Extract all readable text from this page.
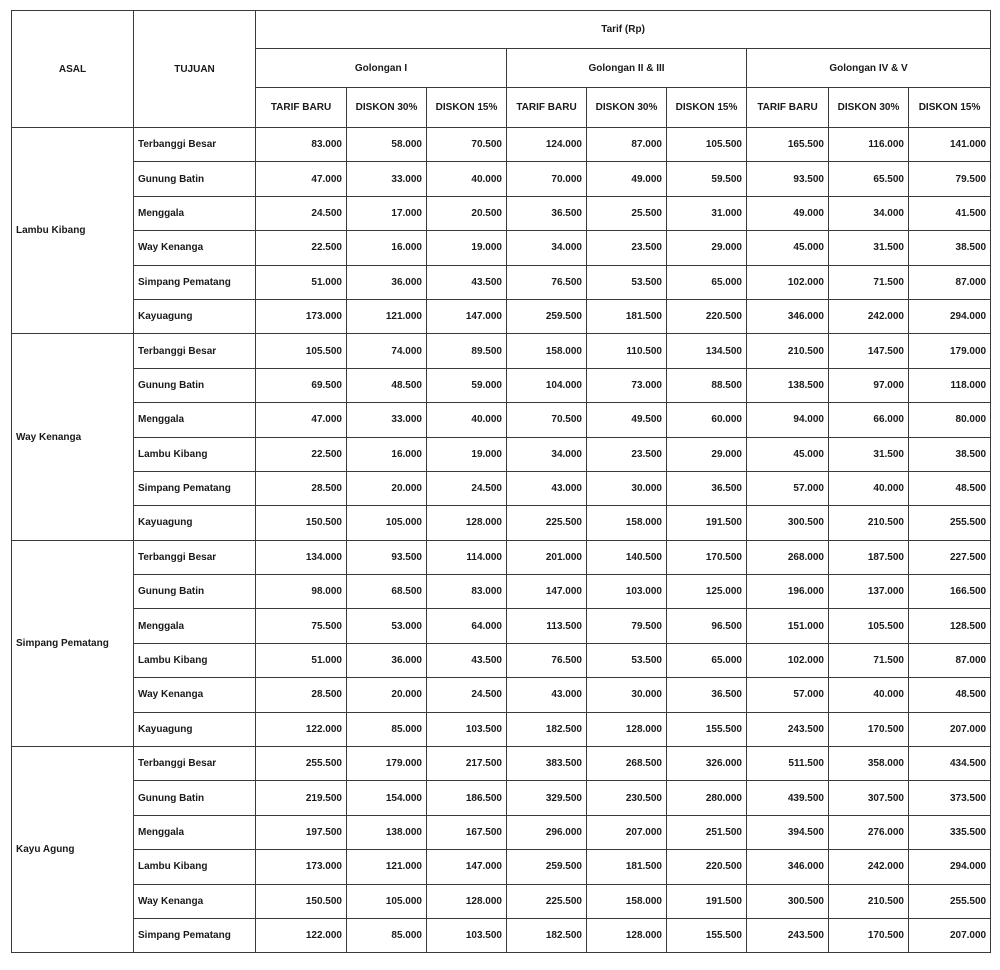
ASAL	TUJUAN	Tarif (Rp)								
		Golongan I			Golongan II & III			Golongan IV & V		
		TARIF BARU	DISKON 30%	DISKON 15%	TARIF BARU	DISKON 30%	DISKON 15%	TARIF BARU	DISKON 30%	DISKON 15%
Lambu Kibang	Terbanggi Besar	83.000	58.000	70.500	124.000	87.000	105.500	165.500	116.000	141.000
	Gunung Batin	47.000	33.000	40.000	70.000	49.000	59.500	93.500	65.500	79.500
	Menggala	24.500	17.000	20.500	36.500	25.500	31.000	49.000	34.000	41.500
	Way Kenanga	22.500	16.000	19.000	34.000	23.500	29.000	45.000	31.500	38.500
	Simpang Pematang	51.000	36.000	43.500	76.500	53.500	65.000	102.000	71.500	87.000
	Kayuagung	173.000	121.000	147.000	259.500	181.500	220.500	346.000	242.000	294.000
Way Kenanga	Terbanggi Besar	105.500	74.000	89.500	158.000	110.500	134.500	210.500	147.500	179.000
	Gunung Batin	69.500	48.500	59.000	104.000	73.000	88.500	138.500	97.000	118.000
	Menggala	47.000	33.000	40.000	70.500	49.500	60.000	94.000	66.000	80.000
	Lambu Kibang	22.500	16.000	19.000	34.000	23.500	29.000	45.000	31.500	38.500
	Simpang Pematang	28.500	20.000	24.500	43.000	30.000	36.500	57.000	40.000	48.500
	Kayuagung	150.500	105.000	128.000	225.500	158.000	191.500	300.500	210.500	255.500
Simpang Pematang	Terbanggi Besar	134.000	93.500	114.000	201.000	140.500	170.500	268.000	187.500	227.500
	Gunung Batin	98.000	68.500	83.000	147.000	103.000	125.000	196.000	137.000	166.500
	Menggala	75.500	53.000	64.000	113.500	79.500	96.500	151.000	105.500	128.500
	Lambu Kibang	51.000	36.000	43.500	76.500	53.500	65.000	102.000	71.500	87.000
	Way Kenanga	28.500	20.000	24.500	43.000	30.000	36.500	57.000	40.000	48.500
	Kayuagung	122.000	85.000	103.500	182.500	128.000	155.500	243.500	170.500	207.000
Kayu Agung	Terbanggi Besar	255.500	179.000	217.500	383.500	268.500	326.000	511.500	358.000	434.500
	Gunung Batin	219.500	154.000	186.500	329.500	230.500	280.000	439.500	307.500	373.500
	Menggala	197.500	138.000	167.500	296.000	207.000	251.500	394.500	276.000	335.500
	Lambu Kibang	173.000	121.000	147.000	259.500	181.500	220.500	346.000	242.000	294.000
	Way Kenanga	150.500	105.000	128.000	225.500	158.000	191.500	300.500	210.500	255.500
	Simpang Pematang	122.000	85.000	103.500	182.500	128.000	155.500	243.500	170.500	207.000
